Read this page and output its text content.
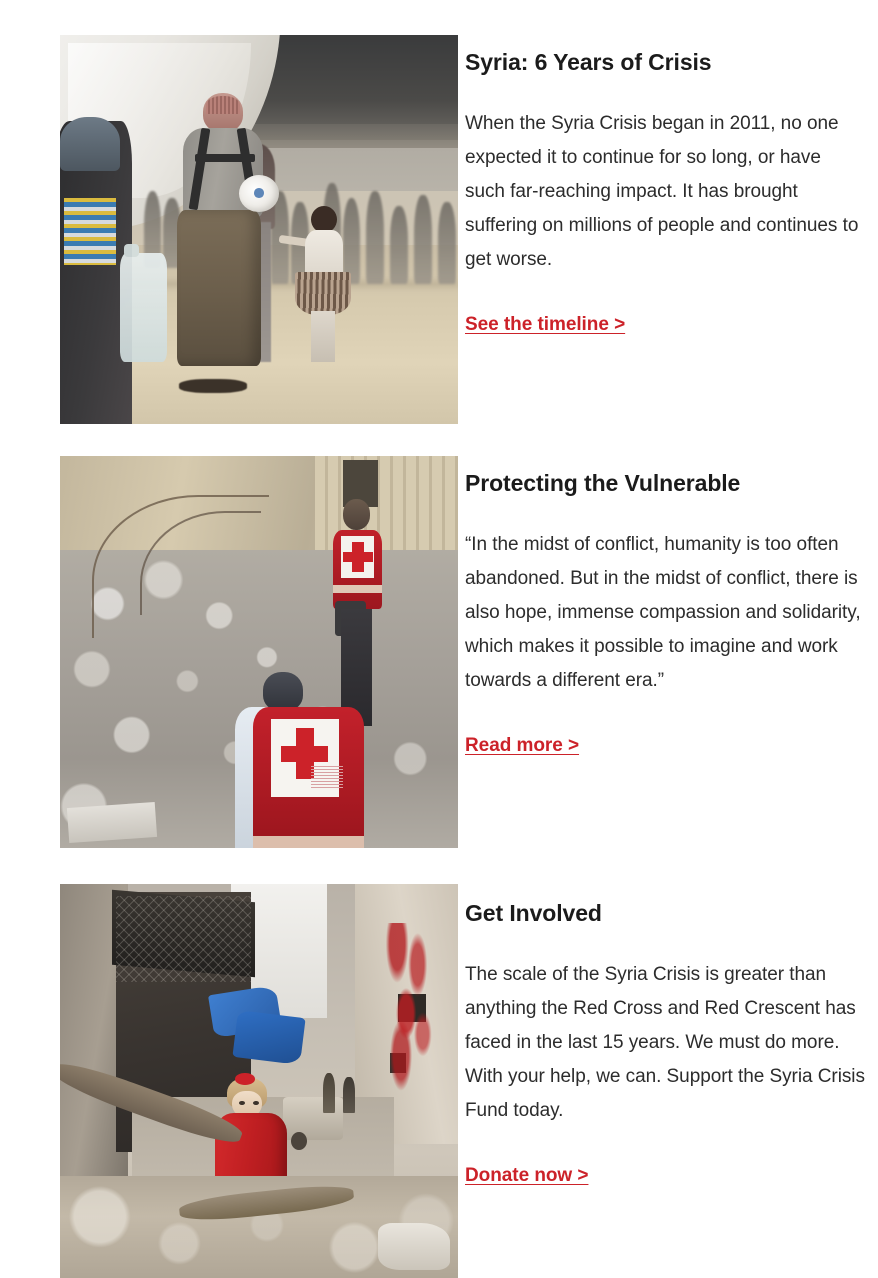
Syria: 6 Years of Crisis

When the Syria Crisis began in 2011, no one expected it to continue for so long, or have such far-reaching impact. It has brought suffering on millions of people and continues to get worse.

See the timeline >
Protecting the Vulnerable

“In the midst of conflict, humanity is too often abandoned. But in the midst of conflict, there is also hope, immense compassion and solidarity, which makes it possible to imagine and work towards a different era.”

Read more >
Get Involved

The scale of the Syria Crisis is greater than anything the Red Cross and Red Crescent has faced in the last 15 years. We must do more. With your help, we can. Support the Syria Crisis Fund today.

Donate now >
